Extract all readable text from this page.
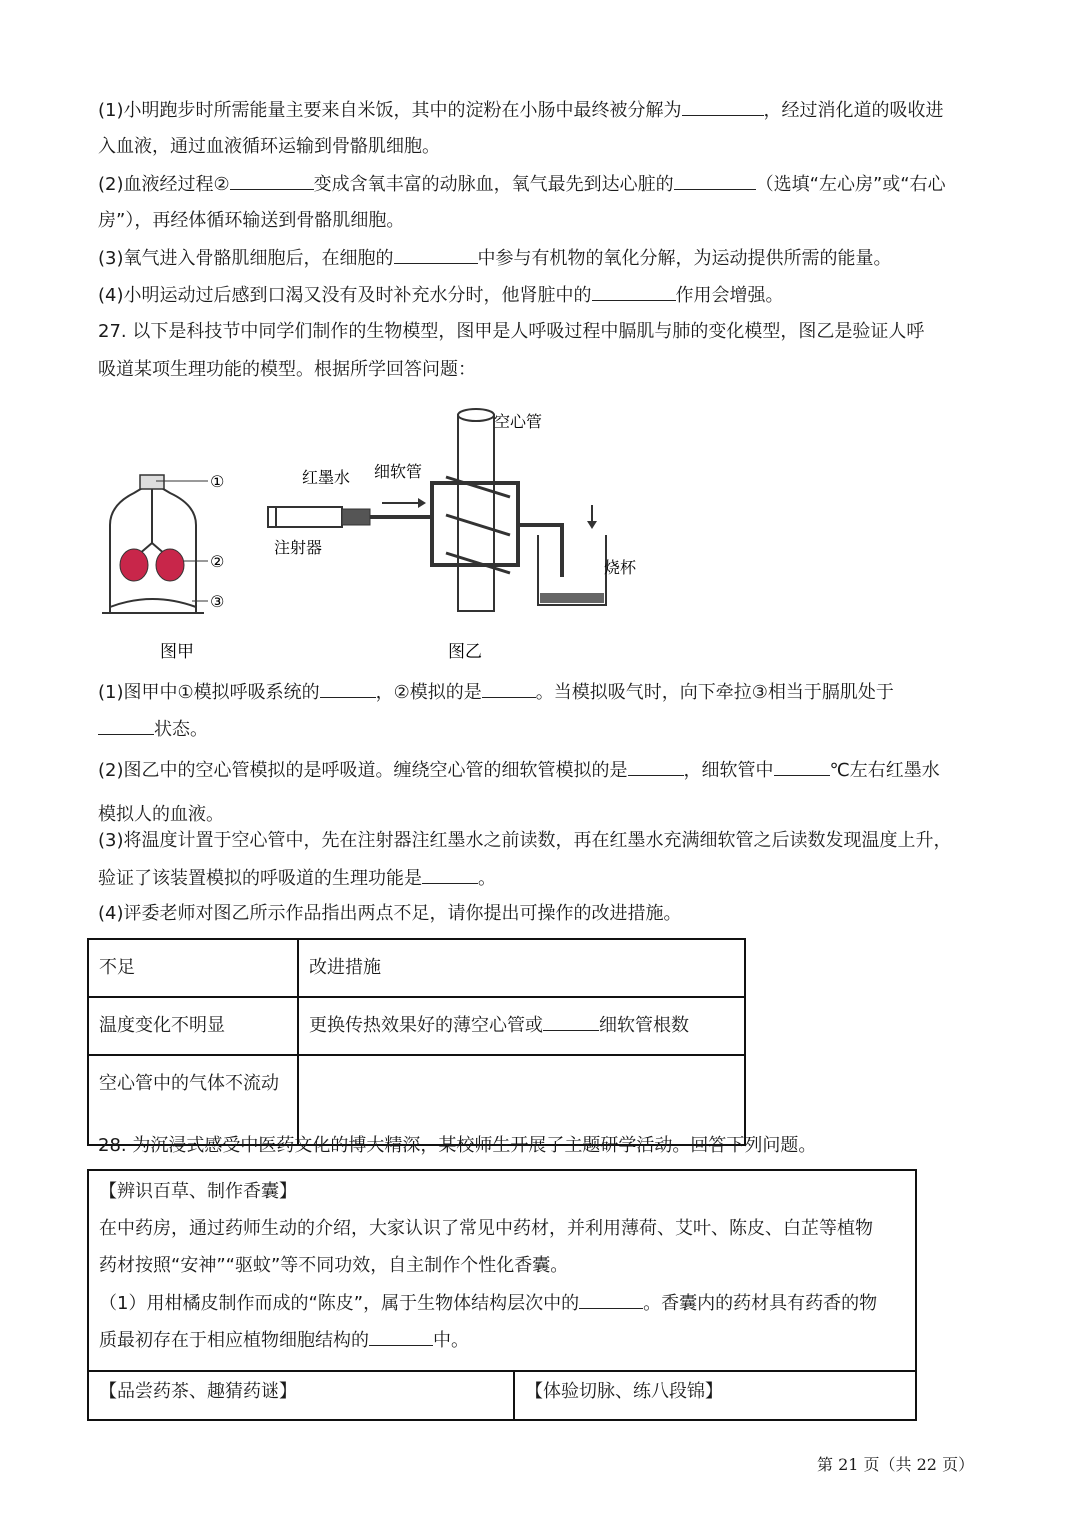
(1)小明跑步时所需能量主要来自米饭，其中的淀粉在小肠中最终被分解为	，经过消化道的吸收进
入血液，通过血液循环运输到骨骼肌细胞。
(2)血液经过程②	变成含氧丰富的动脉血，氧气最先到达心脏的	（选填“左心房”或“右心
房”），再经体循环输送到骨骼肌细胞。
(3)氧气进入骨骼肌细胞后，在细胞的	中参与有机物的氧化分解，为运动提供所需的能量。
(4)小明运动过后感到口渴又没有及时补充水分时，他肾脏中的	作用会增强。
27. 以下是科技节中同学们制作的生物模型，图甲是人呼吸过程中膈肌与肺的变化模型，图乙是验证人呼
吸道某项生理功能的模型。根据所学回答问题：
①
②
③
图甲
空心管
红墨水 细软管
注射器
烧杯
图乙
(1)图甲中①模拟呼吸系统的	，②模拟的是	。当模拟吸气时，向下牵拉③相当于膈肌处于
状态。
(2)图乙中的空心管模拟的是呼吸道。缠绕空心管的细软管模拟的是	，细软管中	℃左右红墨水
模拟人的血液。
(3)将温度计置于空心管中，先在注射器注红墨水之前读数，再在红墨水充满细软管之后读数发现温度上升，
验证了该装置模拟的呼吸道的生理功能是	。
(4)评委老师对图乙所示作品指出两点不足，请你提出可操作的改进措施。
不足	改进措施
温度变化不明显	更换传热效果好的薄空心管或 细软管根数
空心管中的气体不流动	
28. 为沉浸式感受中医药文化的博大精深，某校师生开展了主题研学活动。回答下列问题。
【辨识百草、制作香囊】
在中药房，通过药师生动的介绍，大家认识了常见中药材，并利用薄荷、艾叶、陈皮、白芷等植物
药材按照“安神”“驱蚊”等不同功效，自主制作个性化香囊。
（1）用柑橘皮制作而成的“陈皮”，属于生物体结构层次中的	。香囊内的药材具有药香的物
质最初存在于相应植物细胞结构的	中。
【品尝药茶、趣猜药谜】	【体验切脉、练八段锦】
第 21 页（共 22 页）
